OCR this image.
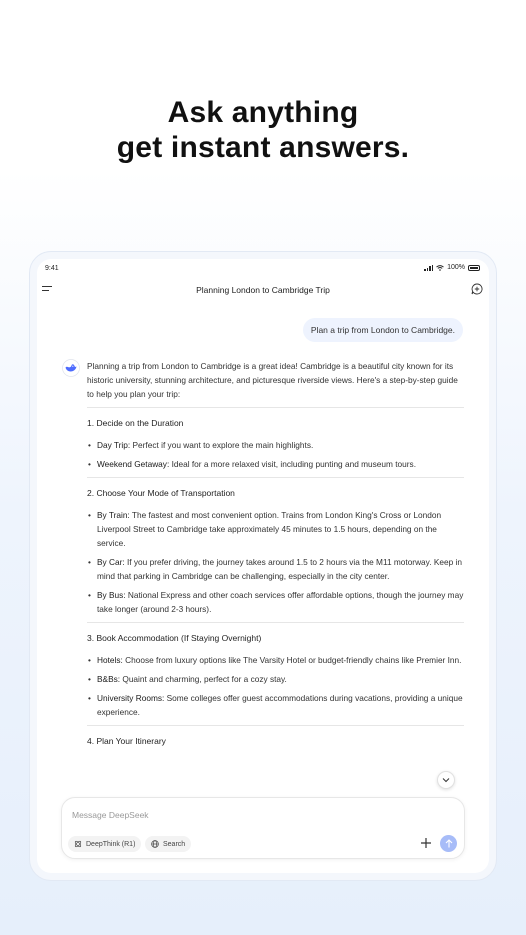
Ask anything
get instant answers.
9:41	100%
Planning London to Cambridge Trip
Plan a trip from London to Cambridge.
Planning a trip from London to Cambridge is a great idea! Cambridge is a beautiful city known for its historic university, stunning architecture, and picturesque riverside views. Here's a step-by-step guide to help you plan your trip:
1. Decide on the Duration
• Day Trip: Perfect if you want to explore the main highlights.
• Weekend Getaway: Ideal for a more relaxed visit, including punting and museum tours.
2. Choose Your Mode of Transportation
• By Train: The fastest and most convenient option. Trains from London King's Cross or London Liverpool Street to Cambridge take approximately 45 minutes to 1.5 hours, depending on the service.
• By Car: If you prefer driving, the journey takes around 1.5 to 2 hours via the M11 motorway. Keep in mind that parking in Cambridge can be challenging, especially in the city center.
• By Bus: National Express and other coach services offer affordable options, though the journey may take longer (around 2-3 hours).
3. Book Accommodation (If Staying Overnight)
• Hotels: Choose from luxury options like The Varsity Hotel or budget-friendly chains like Premier Inn.
• B&Bs: Quaint and charming, perfect for a cozy stay.
• University Rooms: Some colleges offer guest accommodations during vacations, providing a unique experience.
4. Plan Your Itinerary
Message DeepSeek
DeepThink (R1)	Search
